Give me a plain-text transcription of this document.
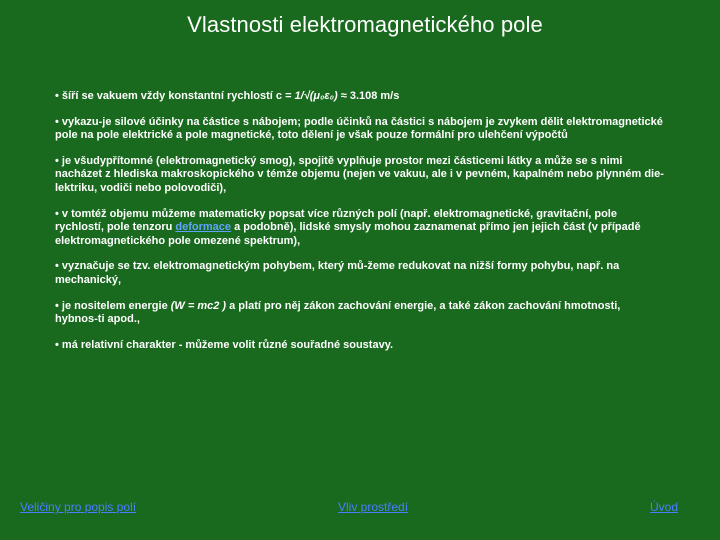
Vlastnosti elektromagnetického pole
• šíří se vakuem vždy konstantní rychlostí c = 1/√(μ₀ε₀) ≈ 3.108 m/s
• vykazu-je silové účinky na částice s nábojem; podle účinků na částici s nábojem je zvykem dělit elektromagnetické pole na pole elektrické a pole magnetické, toto dělení je však pouze formální pro ulehčení výpočtů
• je všudypřítomné (elektromagnetický smog), spojitě vyplňuje prostor mezi částicemi látky a může se s nimi nacházet z hlediska makroskopického v témže objemu (nejen ve vakuu, ale i v pevném, kapalném nebo plynném die-lektriku, vodiči nebo polovodiči),
• v tomtéž objemu můžeme matematicky popsat více různých polí (např. elektromagnetické, gravitační, pole rychlostí, pole tenzoru deformace a podobně), lidské smysly mohou zaznamenat přímo jen jejich část (v případě elektromagnetického pole omezené spektrum),
• vyznačuje se tzv. elektromagnetickým pohybem, který mů-žeme redukovat na nižší formy pohybu, např. na mechanický,
• je nositelem energie (W = mc2 ) a platí pro něj zákon zachování energie, a také zákon zachování hmotnosti, hybnos-ti apod.,
• má relativní charakter - můžeme volit různé souřadné soustavy.
Veličiny pro popis polí	Vliv prostředí	Úvod
